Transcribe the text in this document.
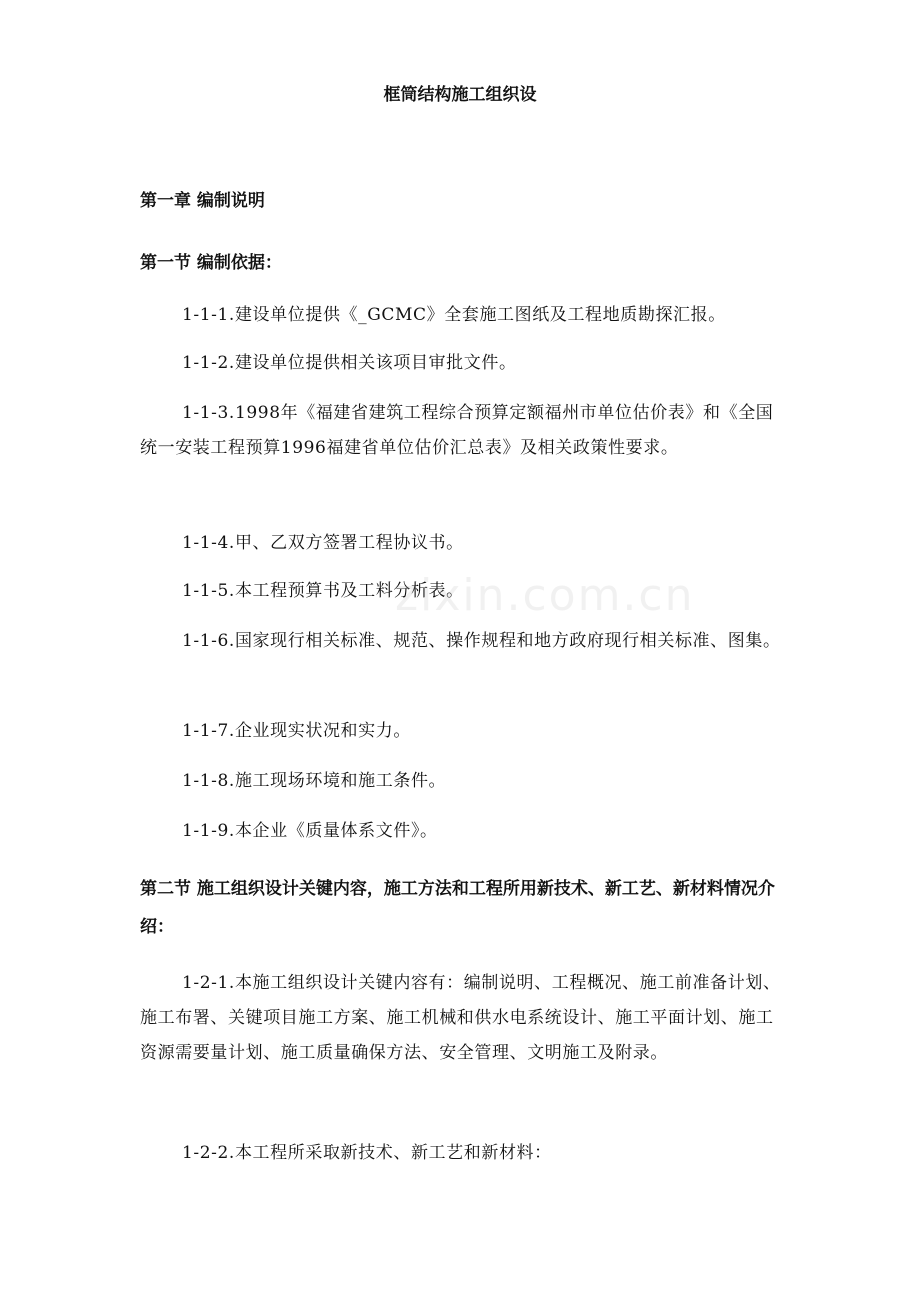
框筒结构施工组织设
第一章 编制说明
第一节 编制依据：

1-1-1.建设单位提供《_GCMC》全套施工图纸及工程地质勘探汇报。

1-1-2.建设单位提供相关该项目审批文件。

1-1-3.1998年《福建省建筑工程综合预算定额福州市单位估价表》和《全国统一安装工程预算1996福建省单位估价汇总表》及相关政策性要求。

1-1-4.甲、乙双方签署工程协议书。

1-1-5.本工程预算书及工料分析表。

1-1-6.国家现行相关标准、规范、操作规程和地方政府现行相关标准、图集。

1-1-7.企业现实状况和实力。

1-1-8.施工现场环境和施工条件。

1-1-9.本企业《质量体系文件》。

第二节 施工组织设计关键内容，施工方法和工程所用新技术、新工艺、新材料情况介绍：

1-2-1.本施工组织设计关键内容有：编制说明、工程概况、施工前准备计划、施工布署、关键项目施工方案、施工机械和供水电系统设计、施工平面计划、施工资源需要量计划、施工质量确保方法、安全管理、文明施工及附录。

1-2-2.本工程所采取新技术、新工艺和新材料：

zixin.com.cn
